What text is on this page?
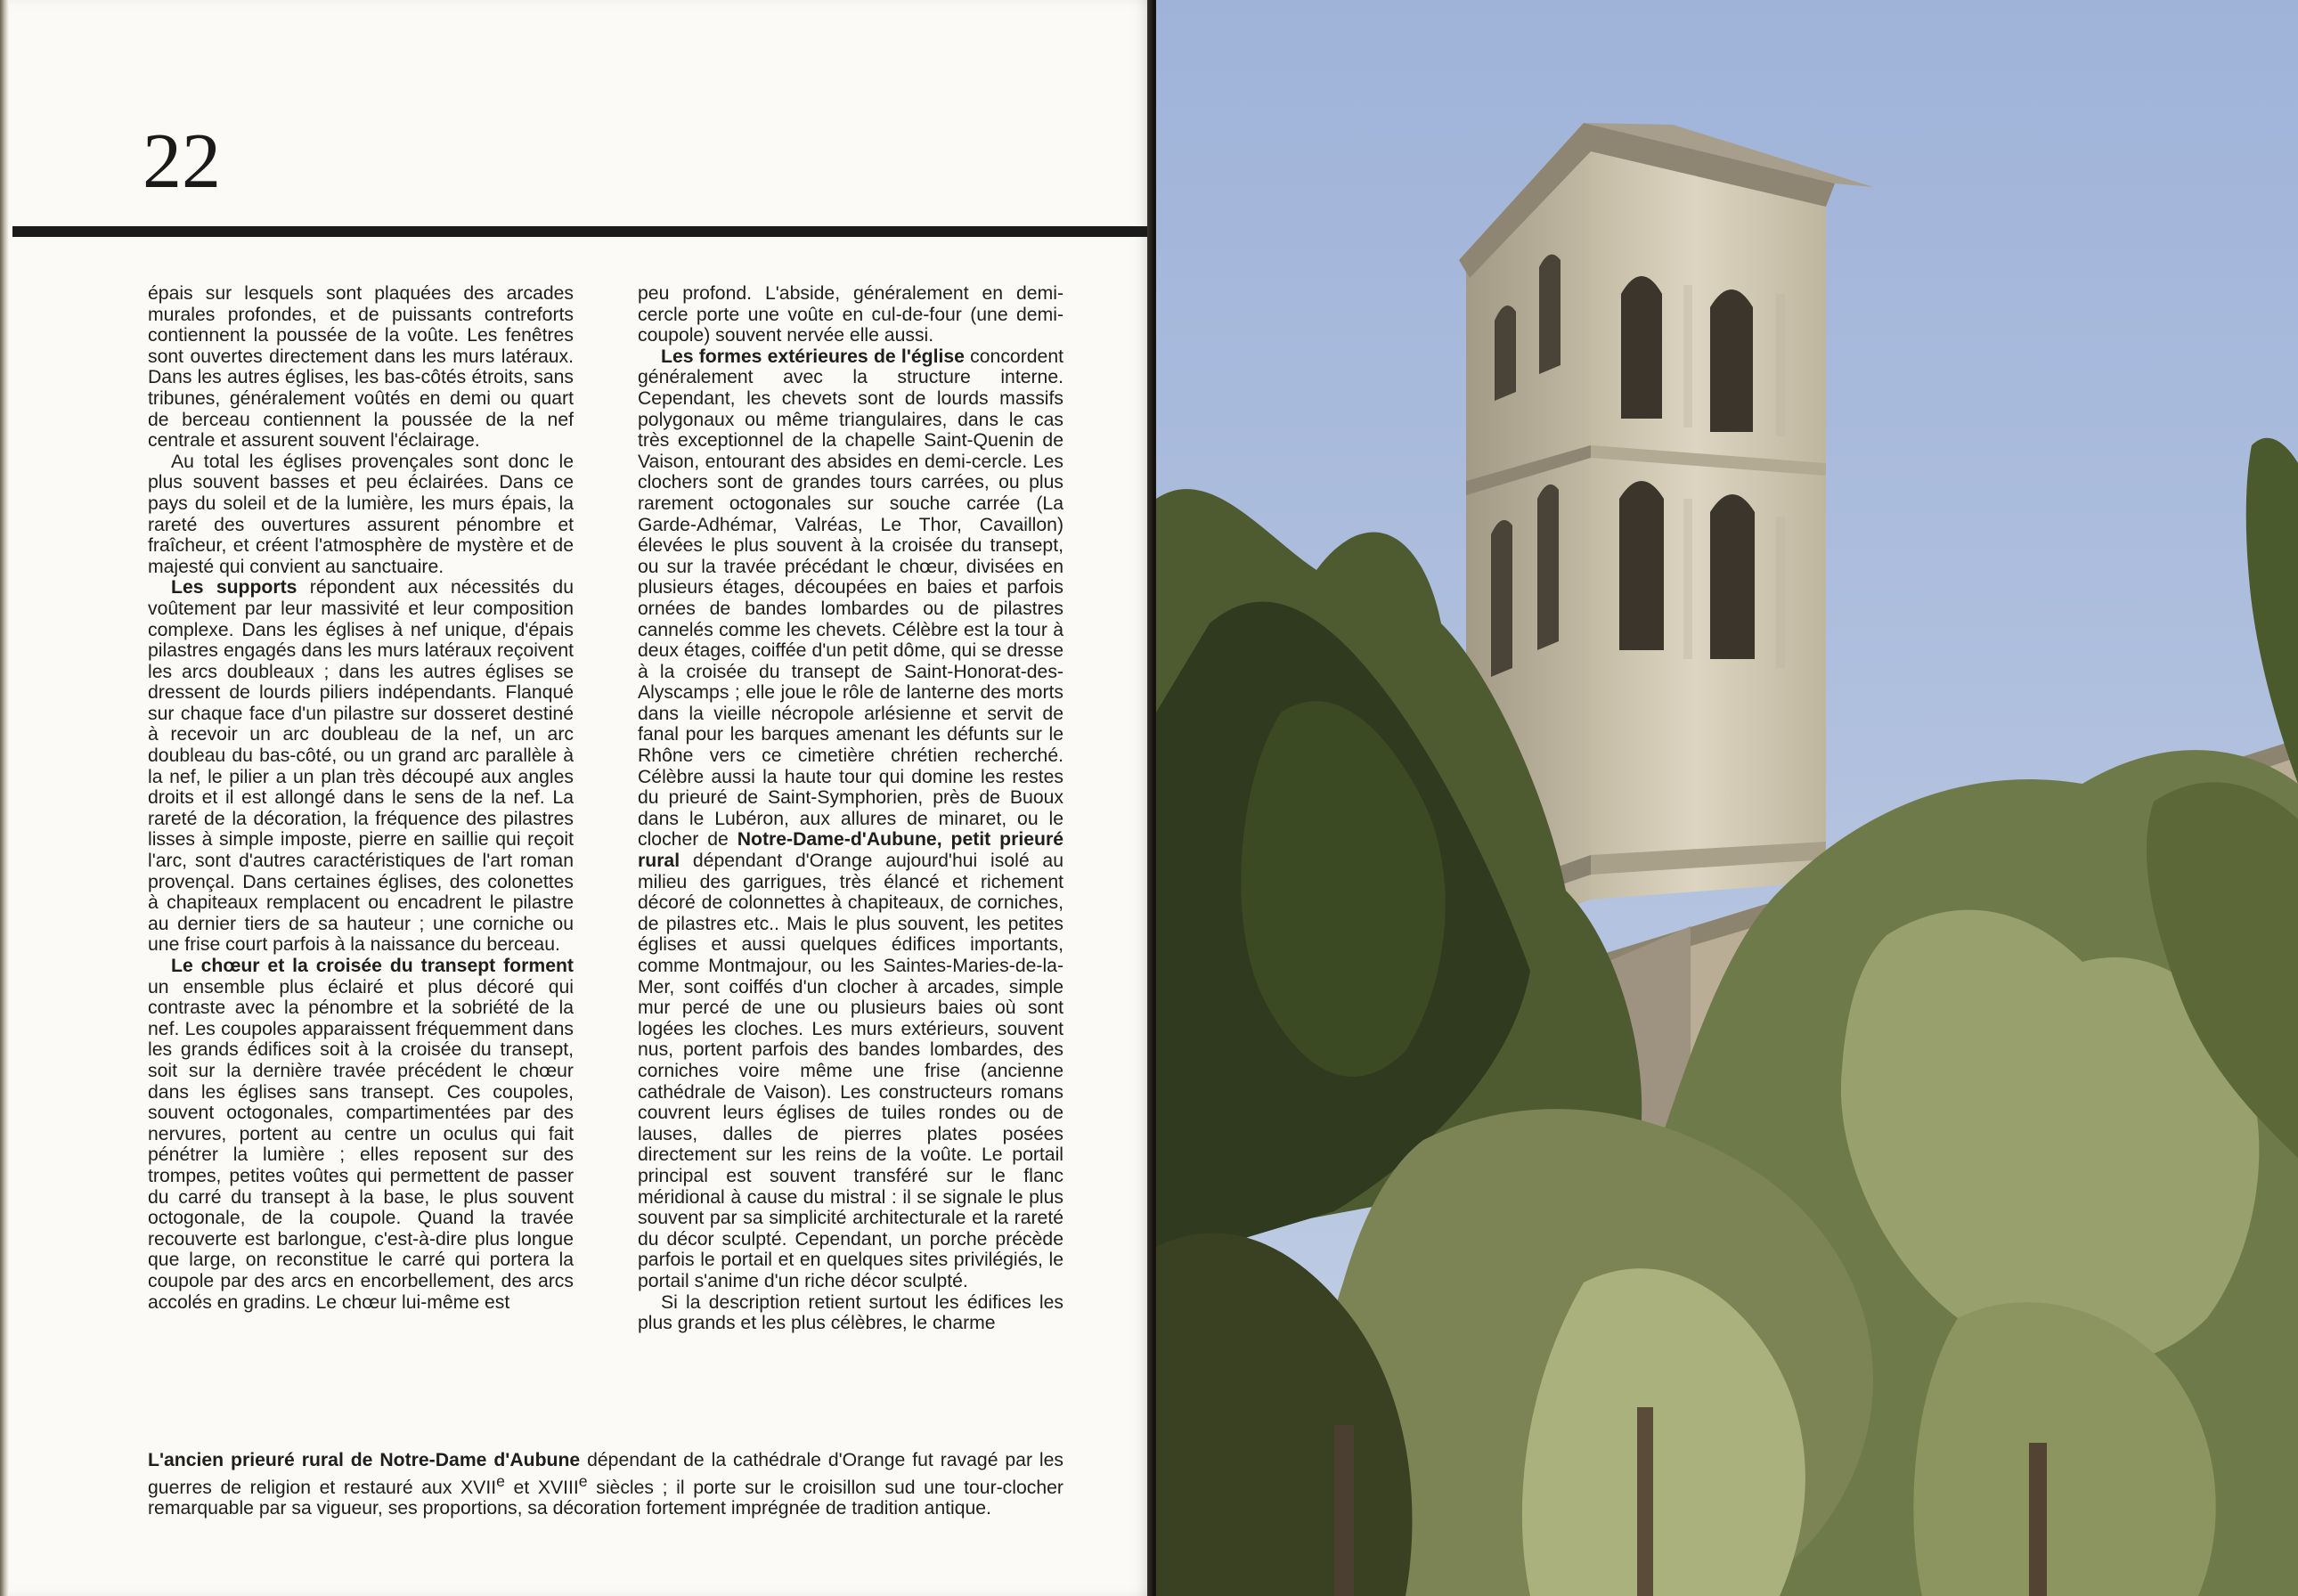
22

épais sur lesquels sont plaquées des arcades murales profondes, et de puissants contreforts contiennent la poussée de la voûte. Les fenêtres sont ouvertes directement dans les murs latéraux. Dans les autres églises, les bas-côtés étroits, sans tribunes, généralement voûtés en demi ou quart de berceau contiennent la poussée de la nef centrale et assurent souvent l'éclairage.

Au total les églises provençales sont donc le plus souvent basses et peu éclairées. Dans ce pays du soleil et de la lumière, les murs épais, la rareté des ouvertures assurent pénombre et fraîcheur, et créent l'atmosphère de mystère et de majesté qui convient au sanctuaire.

Les supports répondent aux nécessités du voûtement par leur massivité et leur composition complexe. Dans les églises à nef unique, d'épais pilastres engagés dans les murs latéraux reçoivent les arcs doubleaux ; dans les autres églises se dressent de lourds piliers indépendants. Flanqué sur chaque face d'un pilastre sur dosseret destiné à recevoir un arc doubleau de la nef, un arc doubleau du bas-côté, ou un grand arc parallèle à la nef, le pilier a un plan très découpé aux angles droits et il est allongé dans le sens de la nef. La rareté de la décoration, la fréquence des pilastres lisses à simple imposte, pierre en saillie qui reçoit l'arc, sont d'autres caractéristiques de l'art roman provençal. Dans certaines églises, des colonettes à chapiteaux remplacent ou encadrent le pilastre au dernier tiers de sa hauteur ; une corniche ou une frise court parfois à la naissance du berceau.

Le chœur et la croisée du transept forment un ensemble plus éclairé et plus décoré qui contraste avec la pénombre et la sobriété de la nef. Les coupoles apparaissent fréquemment dans les grands édifices soit à la croisée du transept, soit sur la dernière travée précédent le chœur dans les églises sans transept. Ces coupoles, souvent octogonales, compartimentées par des nervures, portent au centre un oculus qui fait pénétrer la lumière ; elles reposent sur des trompes, petites voûtes qui permettent de passer du carré du transept à la base, le plus souvent octogonale, de la coupole. Quand la travée recouverte est barlongue, c'est-à-dire plus longue que large, on reconstitue le carré qui portera la coupole par des arcs en encorbellement, des arcs accolés en gradins. Le chœur lui-même est

peu profond. L'abside, généralement en demi-cercle porte une voûte en cul-de-four (une demi-coupole) souvent nervée elle aussi.

Les formes extérieures de l'église concordent généralement avec la structure interne. Cependant, les chevets sont de lourds massifs polygonaux ou même triangulaires, dans le cas très exceptionnel de la chapelle Saint-Quenin de Vaison, entourant des absides en demi-cercle. Les clochers sont de grandes tours carrées, ou plus rarement octogonales sur souche carrée (La Garde-Adhémar, Valréas, Le Thor, Cavaillon) élevées le plus souvent à la croisée du transept, ou sur la travée précédant le chœur, divisées en plusieurs étages, découpées en baies et parfois ornées de bandes lombardes ou de pilastres cannelés comme les chevets. Célèbre est la tour à deux étages, coiffée d'un petit dôme, qui se dresse à la croisée du transept de Saint-Honorat-des-Alyscamps ; elle joue le rôle de lanterne des morts dans la vieille nécropole arlésienne et servit de fanal pour les barques amenant les défunts sur le Rhône vers ce cimetière chrétien recherché. Célèbre aussi la haute tour qui domine les restes du prieuré de Saint-Symphorien, près de Buoux dans le Lubéron, aux allures de minaret, ou le clocher de Notre-Dame-d'Aubune, petit prieuré rural dépendant d'Orange aujourd'hui isolé au milieu des garrigues, très élancé et richement décoré de colonnettes à chapiteaux, de corniches, de pilastres etc.. Mais le plus souvent, les petites églises et aussi quelques édifices importants, comme Montmajour, ou les Saintes-Maries-de-la-Mer, sont coiffés d'un clocher à arcades, simple mur percé de une ou plusieurs baies où sont logées les cloches. Les murs extérieurs, souvent nus, portent parfois des bandes lombardes, des corniches voire même une frise (ancienne cathédrale de Vaison). Les constructeurs romans couvrent leurs églises de tuiles rondes ou de lauses, dalles de pierres plates posées directement sur les reins de la voûte. Le portail principal est souvent transféré sur le flanc méridional à cause du mistral : il se signale le plus souvent par sa simplicité architecturale et la rareté du décor sculpté. Cependant, un porche précède parfois le portail et en quelques sites privilégiés, le portail s'anime d'un riche décor sculpté.

Si la description retient surtout les édifices les plus grands et les plus célèbres, le charme

L'ancien prieuré rural de Notre-Dame d'Aubune dépendant de la cathédrale d'Orange fut ravagé par les guerres de religion et restauré aux XVIIe et XVIIIe siècles ; il porte sur le croisillon sud une tour-clocher remarquable par sa vigueur, ses proportions, sa décoration fortement imprégnée de tradition antique.
